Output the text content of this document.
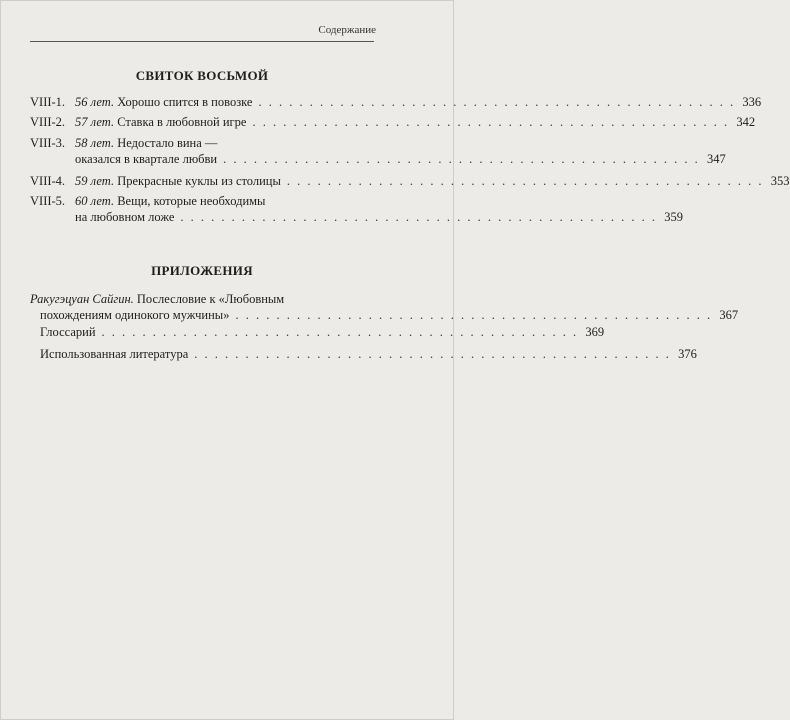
Содержание
СВИТОК ВОСЬМОЙ
VIII-1. 56 лет. Хорошо спится в повозке . . .	336
VIII-2. 57 лет. Ставка в любовной игре . . .	342
VIII-3. 58 лет. Недостало вина —
оказался в квартале любви . . .	347
VIII-4. 59 лет. Прекрасные куклы из столицы . . .	353
VIII-5. 60 лет. Вещи, которые необходимы
на любовном ложе . . .	359
ПРИЛОЖЕНИЯ
Ракугэцуан Сайгин. Послесловие к «Любовным
похождениям одинокого мужчины» . . .	367
Глоссарий . . .	369
Использованная литература . . .	376
